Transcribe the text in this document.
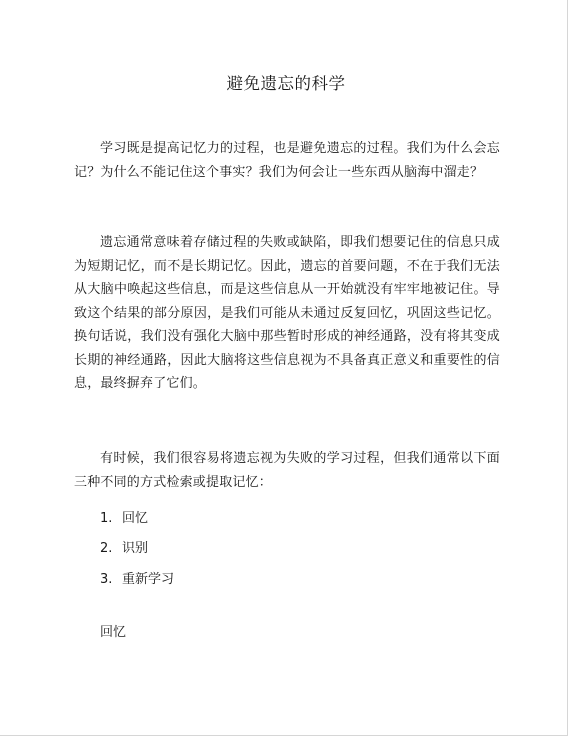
避免遗忘的科学

学习既是提高记忆力的过程，也是避免遗忘的过程。我们为什么会忘记？为什么不能记住这个事实？我们为何会让一些东西从脑海中溜走？

遗忘通常意味着存储过程的失败或缺陷，即我们想要记住的信息只成为短期记忆，而不是长期记忆。因此，遗忘的首要问题，不在于我们无法从大脑中唤起这些信息，而是这些信息从一开始就没有牢牢地被记住。导致这个结果的部分原因，是我们可能从未通过反复回忆，巩固这些记忆。换句话说，我们没有强化大脑中那些暂时形成的神经通路，没有将其变成长期的神经通路，因此大脑将这些信息视为不具备真正意义和重要性的信息，最终摒弃了它们。

有时候，我们很容易将遗忘视为失败的学习过程，但我们通常以下面三种不同的方式检索或提取记忆：

1. 回忆
2. 识别
3. 重新学习
回忆
